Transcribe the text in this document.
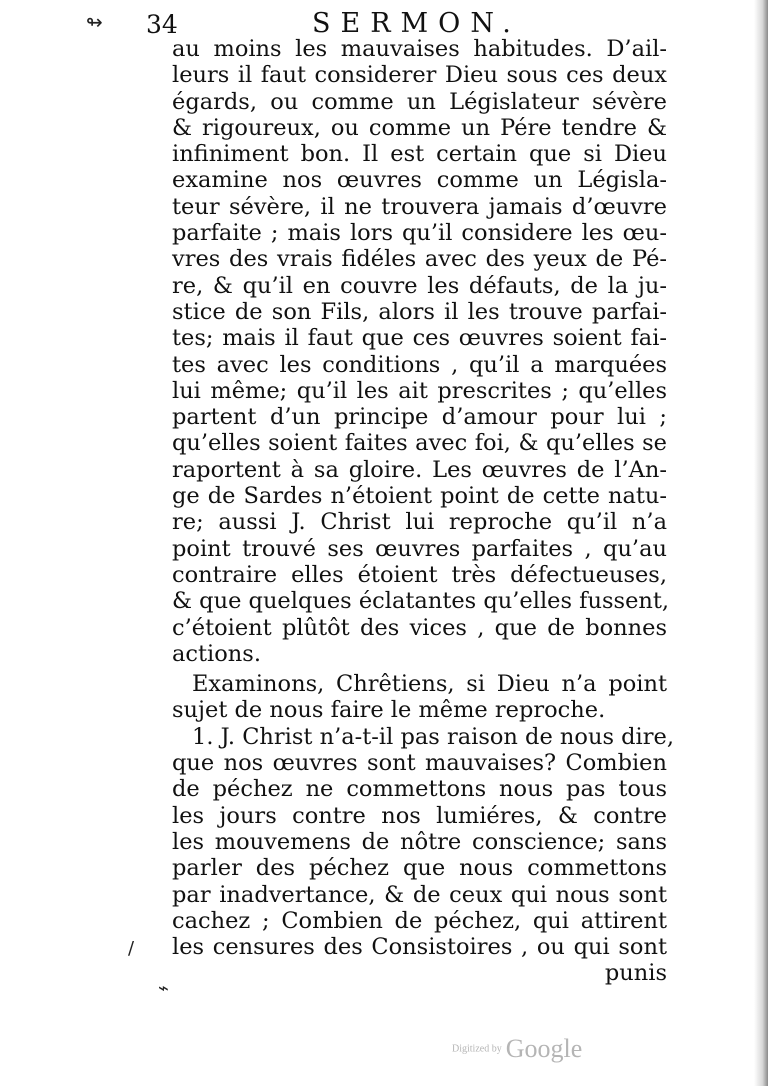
34	SERMON.
↬
au moins les mauvaises habitudes. D’ail-
leurs il faut considerer Dieu sous ces deux
égards, ou comme un Législateur sévère
& rigoureux, ou comme un Pére tendre &
infiniment bon. Il est certain que si Dieu
examine nos œuvres comme un Législa-
teur sévère, il ne trouvera jamais d’œuvre
parfaite ; mais lors qu’il considere les œu-
vres des vrais fidéles avec des yeux de Pé-
re, & qu’il en couvre les défauts, de la ju-
stice de son Fils, alors il les trouve parfai-
tes; mais il faut que ces œuvres soient fai-
tes avec les conditions , qu’il a marquées
lui même; qu’il les ait prescrites ; qu’elles
partent d’un principe d’amour pour lui ;
qu’elles soient faites avec foi, & qu’elles se
raportent à sa gloire. Les œuvres de l’An-
ge de Sardes n’étoient point de cette natu-
re; aussi J. Christ lui reproche qu’il n’a
point trouvé ses œuvres parfaites , qu’au
contraire elles étoient très défectueuses,
& que quelques éclatantes qu’elles fussent,
c’étoient plûtôt des vices , que de bonnes
actions.
Examinons, Chrêtiens, si Dieu n’a point
sujet de nous faire le même reproche.
1. J. Christ n’a-t-il pas raison de nous dire,
que nos œuvres sont mauvaises? Combien
de péchez ne commettons nous pas tous
les jours contre nos lumiéres, & contre
les mouvemens de nôtre conscience; sans
parler des péchez que nous commettons
par inadvertance, & de ceux qui nous sont
cachez ; Combien de péchez, qui attirent
les censures des Consistoires , ou qui sont
punis
/
⌁
Digitized by Google
